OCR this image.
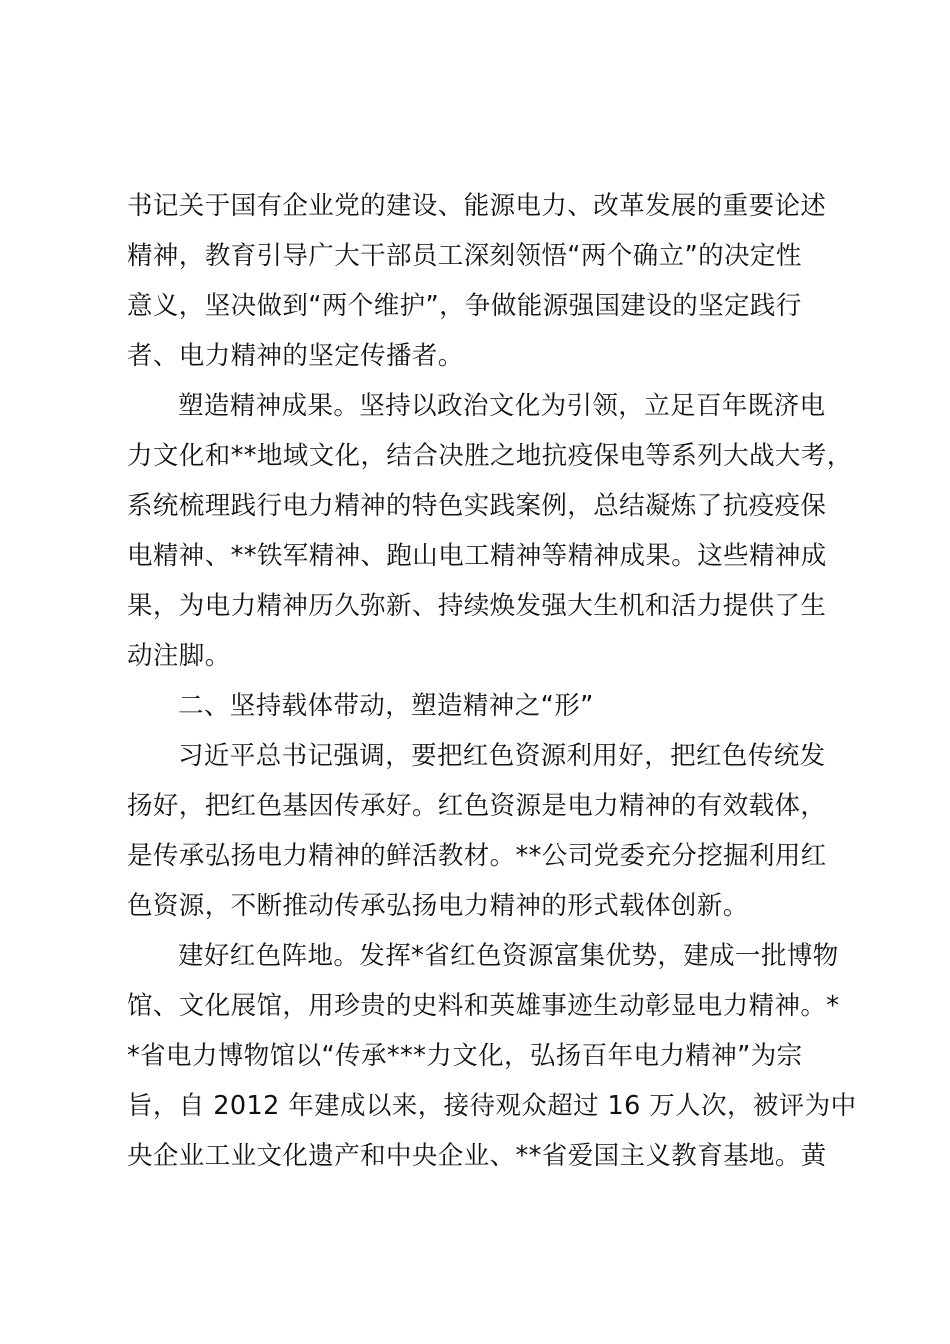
书记关于国有企业党的建设、能源电力、改革发展的重要论述
精神，教育引导广大干部员工深刻领悟“两个确立”的决定性
意义，坚决做到“两个维护”，争做能源强国建设的坚定践行
者、电力精神的坚定传播者。
塑造精神成果。坚持以政治文化为引领，立足百年既济电
力文化和**地域文化，结合决胜之地抗疫保电等系列大战大考，
系统梳理践行电力精神的特色实践案例，总结凝炼了抗疫疫保
电精神、**铁军精神、跑山电工精神等精神成果。这些精神成
果，为电力精神历久弥新、持续焕发强大生机和活力提供了生
动注脚。
二、坚持载体带动，塑造精神之“形”
习近平总书记强调，要把红色资源利用好，把红色传统发
扬好，把红色基因传承好。红色资源是电力精神的有效载体，
是传承弘扬电力精神的鲜活教材。**公司党委充分挖掘利用红
色资源，不断推动传承弘扬电力精神的形式载体创新。
建好红色阵地。发挥*省红色资源富集优势，建成一批博物
馆、文化展馆，用珍贵的史料和英雄事迹生动彰显电力精神。*
*省电力博物馆以“传承***力文化，弘扬百年电力精神”为宗
旨，自 2012 年建成以来，接待观众超过 16 万人次，被评为中
央企业工业文化遗产和中央企业、**省爱国主义教育基地。黄
